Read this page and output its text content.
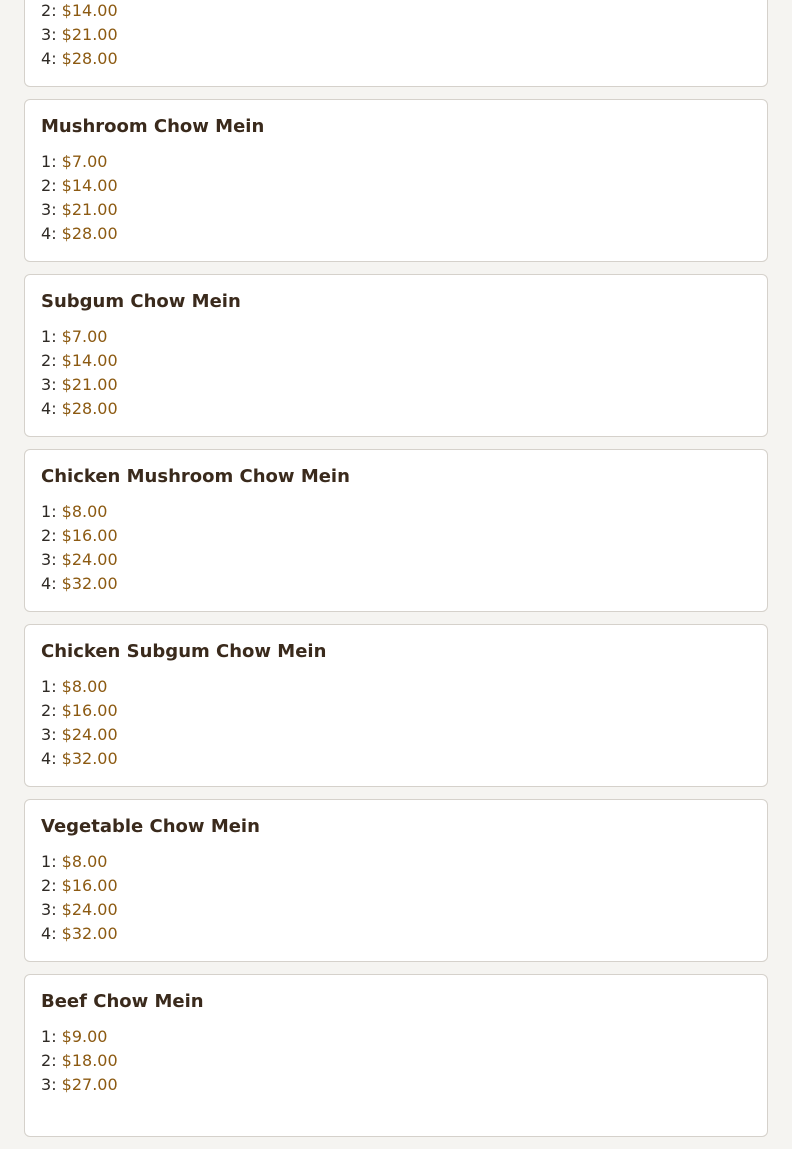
2: $14.00
3: $21.00
4: $28.00
Mushroom Chow Mein
1: $7.00
2: $14.00
3: $21.00
4: $28.00
Subgum Chow Mein
1: $7.00
2: $14.00
3: $21.00
4: $28.00
Chicken Mushroom Chow Mein
1: $8.00
2: $16.00
3: $24.00
4: $32.00
Chicken Subgum Chow Mein
1: $8.00
2: $16.00
3: $24.00
4: $32.00
Vegetable Chow Mein
1: $8.00
2: $16.00
3: $24.00
4: $32.00
Beef Chow Mein
1: $9.00
2: $18.00
3: $27.00
